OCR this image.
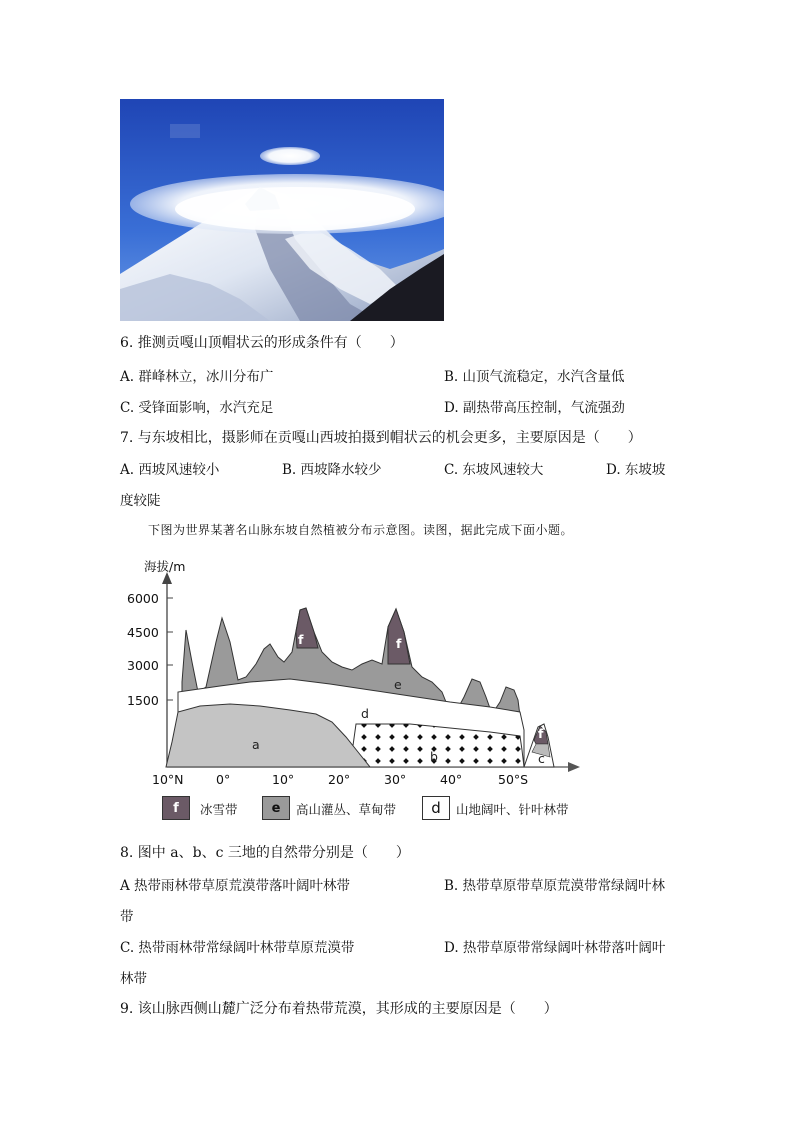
6. 推测贡嘎山顶帽状云的形成条件有（　　）
A. 群峰林立，冰川分布广	B. 山顶气流稳定，水汽含量低
C. 受锋面影响，水汽充足	D. 副热带高压控制，气流强劲
7. 与东坡相比，摄影师在贡嘎山西坡拍摄到帽状云的机会更多，主要原因是（　　）
A. 西坡风速较小	B. 西坡降水较少	C. 东坡风速较大	D. 东坡坡
度较陡
下图为世界某著名山脉东坡自然植被分布示意图。读图，据此完成下面小题。
a
b	c
d
e
f	f
f
海拔/m
6000
4500
3000
1500
10°N	0°	10°	20°	30°	40°	50°S
f	冰雪带	e	高山灌丛、草甸带	d	山地阔叶、针叶林带
8. 图中 a、b、c 三地的自然带分别是（　　）
A 热带雨林带草原荒漠带落叶阔叶林带	B. 热带草原带草原荒漠带常绿阔叶林
带
C. 热带雨林带常绿阔叶林带草原荒漠带	D. 热带草原带常绿阔叶林带落叶阔叶
林带
9. 该山脉西侧山麓广泛分布着热带荒漠，其形成的主要原因是（　　）
